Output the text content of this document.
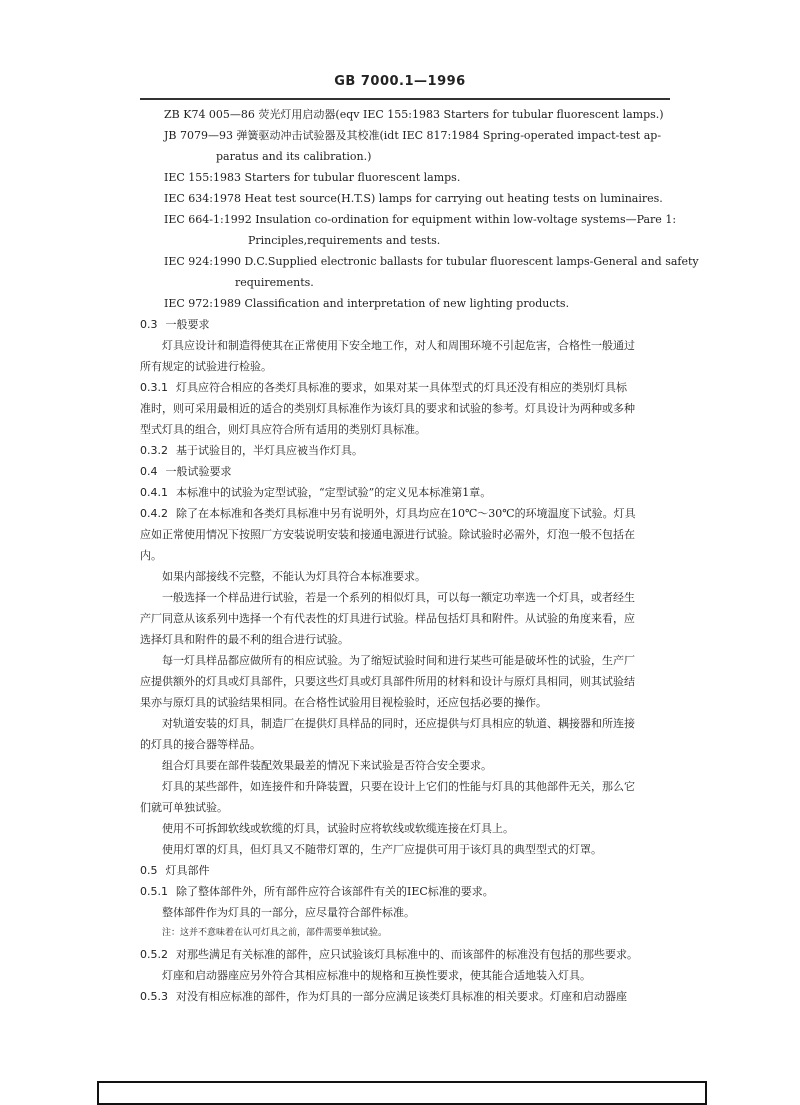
GB 7000.1—1996
ZB K74 005—86 荧光灯用启动器(eqv IEC 155:1983 Starters for tubular fluorescent lamps.)
JB 7079—93 弹簧驱动冲击试验器及其校准(idt IEC 817:1984 Spring-operated impact-test ap-
paratus and its calibration.)
IEC 155:1983 Starters for tubular fluorescent lamps.
IEC 634:1978 Heat test source(H.T.S) lamps for carrying out heating tests on luminaires.
IEC 664-1:1992 Insulation co-ordination for equipment within low-voltage systems—Pare 1:
Principles,requirements and tests.
IEC 924:1990 D.C.Supplied electronic ballasts for tubular fluorescent lamps-General and safety
requirements.
IEC 972:1989 Classification and interpretation of new lighting products.
0.3 一般要求
灯具应设计和制造得使其在正常使用下安全地工作，对人和周围环境不引起危害，合格性一般通过
所有规定的试验进行检验。
0.3.1 灯具应符合相应的各类灯具标准的要求，如果对某一具体型式的灯具还没有相应的类别灯具标
准时，则可采用最相近的适合的类别灯具标准作为该灯具的要求和试验的参考。灯具设计为两种或多种
型式灯具的组合，则灯具应符合所有适用的类别灯具标准。
0.3.2 基于试验目的，半灯具应被当作灯具。
0.4 一般试验要求
0.4.1 本标准中的试验为定型试验，“定型试验”的定义见本标准第1章。
0.4.2 除了在本标准和各类灯具标准中另有说明外，灯具均应在10℃～30℃的环境温度下试验。灯具
应如正常使用情况下按照厂方安装说明安装和接通电源进行试验。除试验时必需外，灯泡一般不包括在
内。
如果内部接线不完整，不能认为灯具符合本标准要求。
一般选择一个样品进行试验，若是一个系列的相似灯具，可以每一额定功率选一个灯具，或者经生
产厂同意从该系列中选择一个有代表性的灯具进行试验。样品包括灯具和附件。从试验的角度来看，应
选择灯具和附件的最不利的组合进行试验。
每一灯具样品都应做所有的相应试验。为了缩短试验时间和进行某些可能是破坏性的试验，生产厂
应提供额外的灯具或灯具部件，只要这些灯具或灯具部件所用的材料和设计与原灯具相同，则其试验结
果亦与原灯具的试验结果相同。在合格性试验用目视检验时，还应包括必要的操作。
对轨道安装的灯具，制造厂在提供灯具样品的同时，还应提供与灯具相应的轨道、耦接器和所连接
的灯具的接合器等样品。
组合灯具要在部件装配效果最差的情况下来试验是否符合安全要求。
灯具的某些部件，如连接件和升降装置，只要在设计上它们的性能与灯具的其他部件无关，那么它
们就可单独试验。
使用不可拆卸软线或软缆的灯具，试验时应将软线或软缆连接在灯具上。
使用灯罩的灯具，但灯具又不随带灯罩的，生产厂应提供可用于该灯具的典型型式的灯罩。
0.5 灯具部件
0.5.1 除了整体部件外，所有部件应符合该部件有关的IEC标准的要求。
整体部件作为灯具的一部分，应尽量符合部件标准。
注：这并不意味着在认可灯具之前，部件需要单独试验。
0.5.2 对那些满足有关标准的部件，应只试验该灯具标准中的、而该部件的标准没有包括的那些要求。
灯座和启动器座应另外符合其相应标准中的规格和互换性要求，使其能合适地装入灯具。
0.5.3 对没有相应标准的部件，作为灯具的一部分应满足该类灯具标准的相关要求。灯座和启动器座
